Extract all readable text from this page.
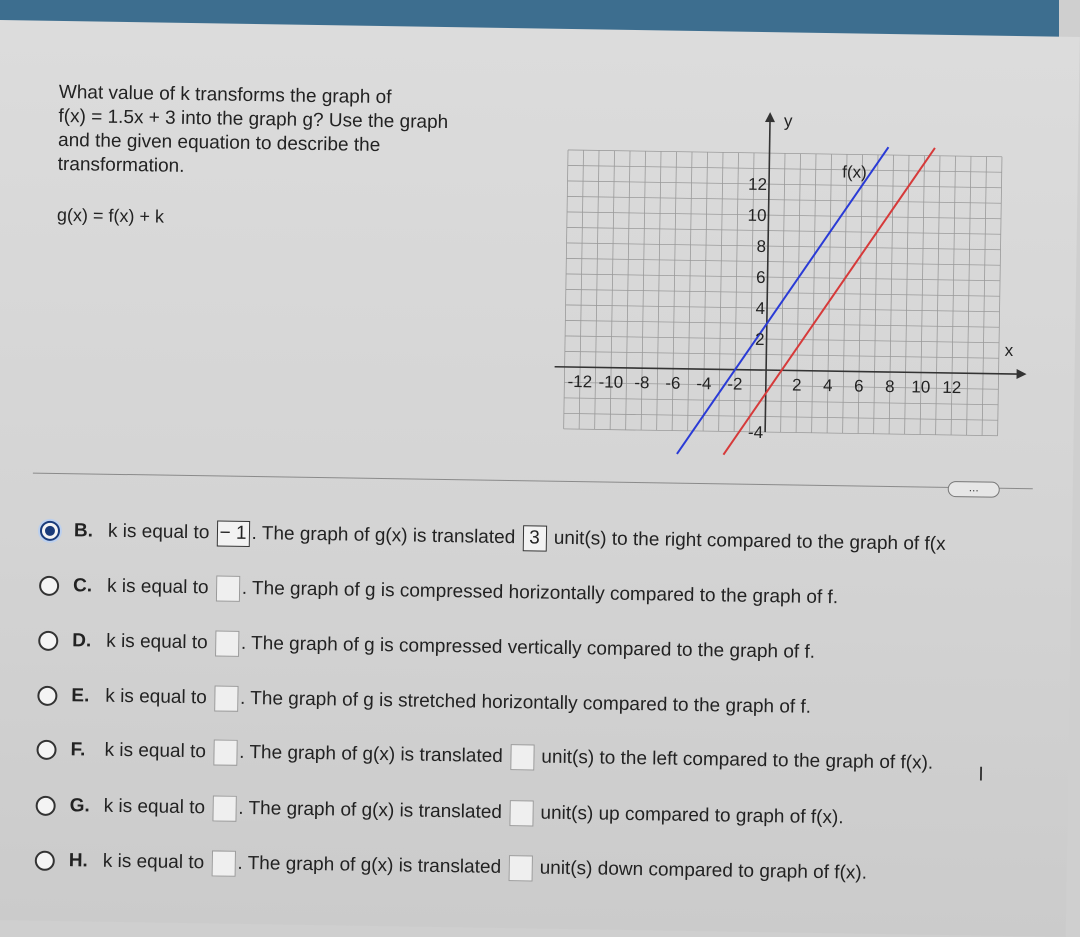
What value of k transforms the graph of

f(x) = 1.5x + 3 into the graph g? Use the graph

and the given equation to describe the

transformation.

g(x) = f(x) + k
y
x
f(x)
12
10
8
6
4
2
-4
-12 -10 -8 -6 -4 -2	2 4 6 8 10 12
...
B. k is equal to − 1 . The graph of g(x) is translated 3 unit(s) to the right compared to the graph of f(x
C. k is equal to
. The graph of g is compressed horizontally compared to the graph of f.
D. k is equal to
. The graph of g is compressed vertically compared to the graph of f.
E. k is equal to
. The graph of g is stretched horizontally compared to the graph of f.
F. k is equal to
. The graph of g(x) is translated
unit(s) to the left compared to the graph of f(x).
G. k is equal to
. The graph of g(x) is translated
unit(s) up compared to graph of f(x).
H. k is equal to
. The graph of g(x) is translated
unit(s) down compared to graph of f(x).
I
